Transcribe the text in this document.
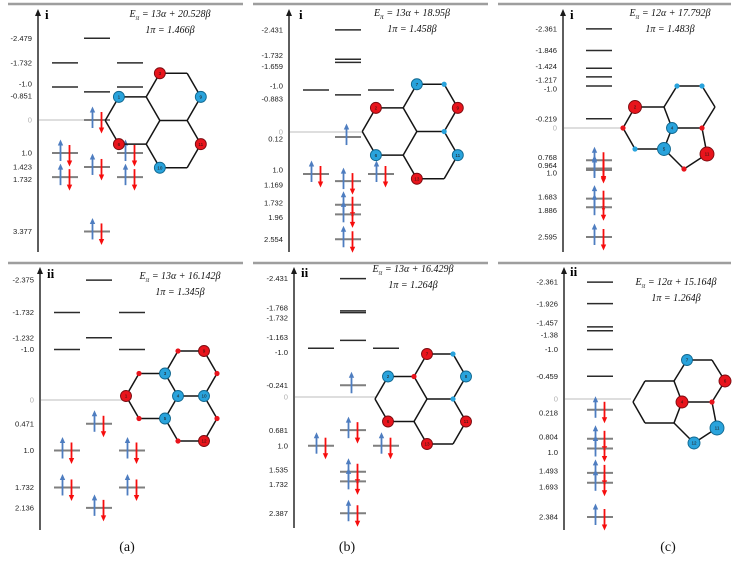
-2.479
-1.732
-1.0
-0.851
1.0
1.423
1.732
3.377
0
3
9
1
6
10
11
-2.431
-1.732
-1.659
-1.0
-0.883
0.12
1.0
1.169
1.732
1.96
2.554
0
7
2	9
6	11
13
-2.361
-1.846
-1.424
-1.217
-1.0
-0.219
0.768
0.964
1.0
1.683
1.886
2.595
0
2
4
5
11
-2.375
-1.732
-1.232
-1.0
0.471
1.0
1.732
2.136
0	1
3
4
5
10
9
12
-2.431
-1.768
-1.732
-1.163
-1.0
-0.241
0.681
1.0
1.535
1.732
2.387
0
7
2	8
6	11
13
-2.361
-1.926
-1.457
-1.38
-1.0
-0.459
0.218
0.804
1.0
1.493
1.693
2.384
0
7
6
4
11
12
$E_\pi = 13\alpha + 20.528\beta$
1π = 1.466β
$E_\pi = 13\alpha + 18.95\beta$
1π = 1.458β
$E_\pi = 12\alpha + 17.792\beta$
1π = 1.483β
$E_\pi = 13\alpha + 16.142\beta$
1π = 1.345β
$E_\pi = 13\alpha + 16.429\beta$
1π = 1.264β	$E_\pi = 12\alpha + 15.164\beta$
1π = 1.264β
i	i	i
ii	ii	ii
(a)	(b)	(c)
